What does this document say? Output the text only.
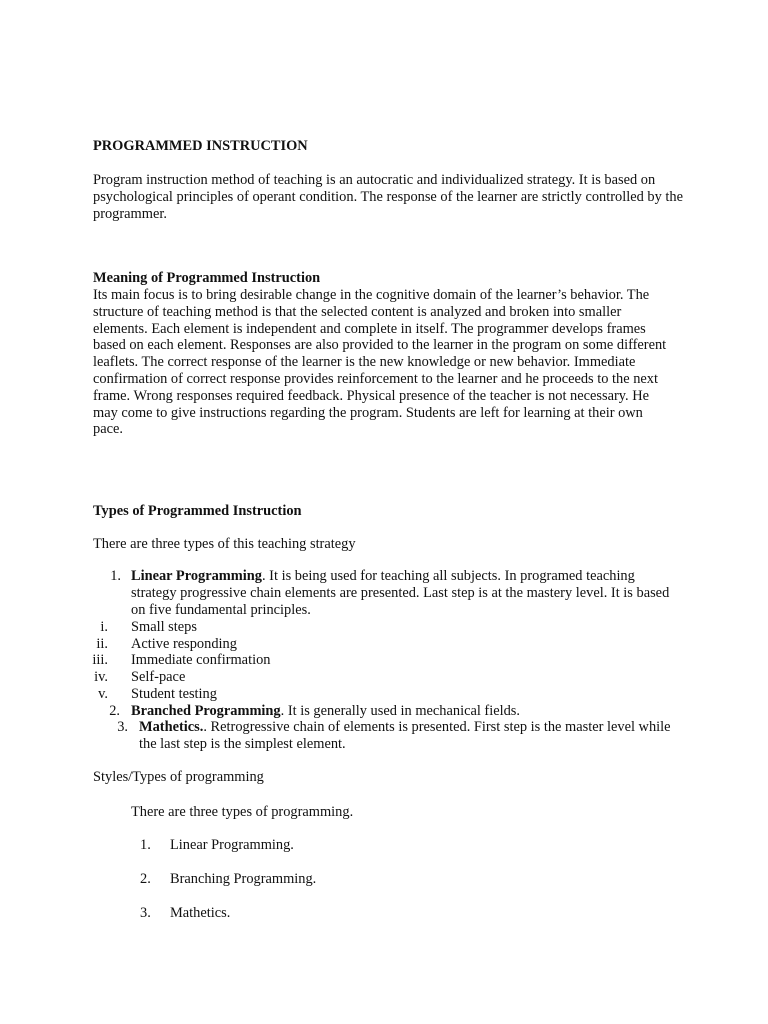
PROGRAMMED INSTRUCTION

Program instruction method of teaching is an autocratic and individualized strategy. It is based on psychological principles of operant condition. The response of the learner are strictly controlled by the programmer.

Meaning of Programmed Instruction

Its main focus is to bring desirable change in the cognitive domain of the learner’s behavior. The structure of teaching method is that the selected content is analyzed and broken into smaller elements. Each element is independent and complete in itself. The programmer develops frames based on each element. Responses are also provided to the learner in the program on some different leaflets. The correct response of the learner is the new knowledge or new behavior. Immediate confirmation of correct response provides reinforcement to the learner and he proceeds to the next frame. Wrong responses required feedback. Physical presence of the teacher is not necessary. He may come to give instructions regarding the program. Students are left for learning at their own pace.

Types of Programmed Instruction
There are three types of this teaching strategy
1. Linear Programming. It is being used for teaching all subjects. In programed teaching strategy progressive chain elements are presented. Last step is at the mastery level. It is based on five fundamental principles.
i. Small steps
ii. Active responding
iii. Immediate confirmation
iv. Self-pace
v. Student testing
2. Branched Programming. It is generally used in mechanical fields.
3. Mathetics.. Retrogressive chain of elements is presented. First step is the master level while the last step is the simplest element.
Styles/Types of programming
There are three types of programming.
1. Linear Programming.
2. Branching Programming.
3. Mathetics.
